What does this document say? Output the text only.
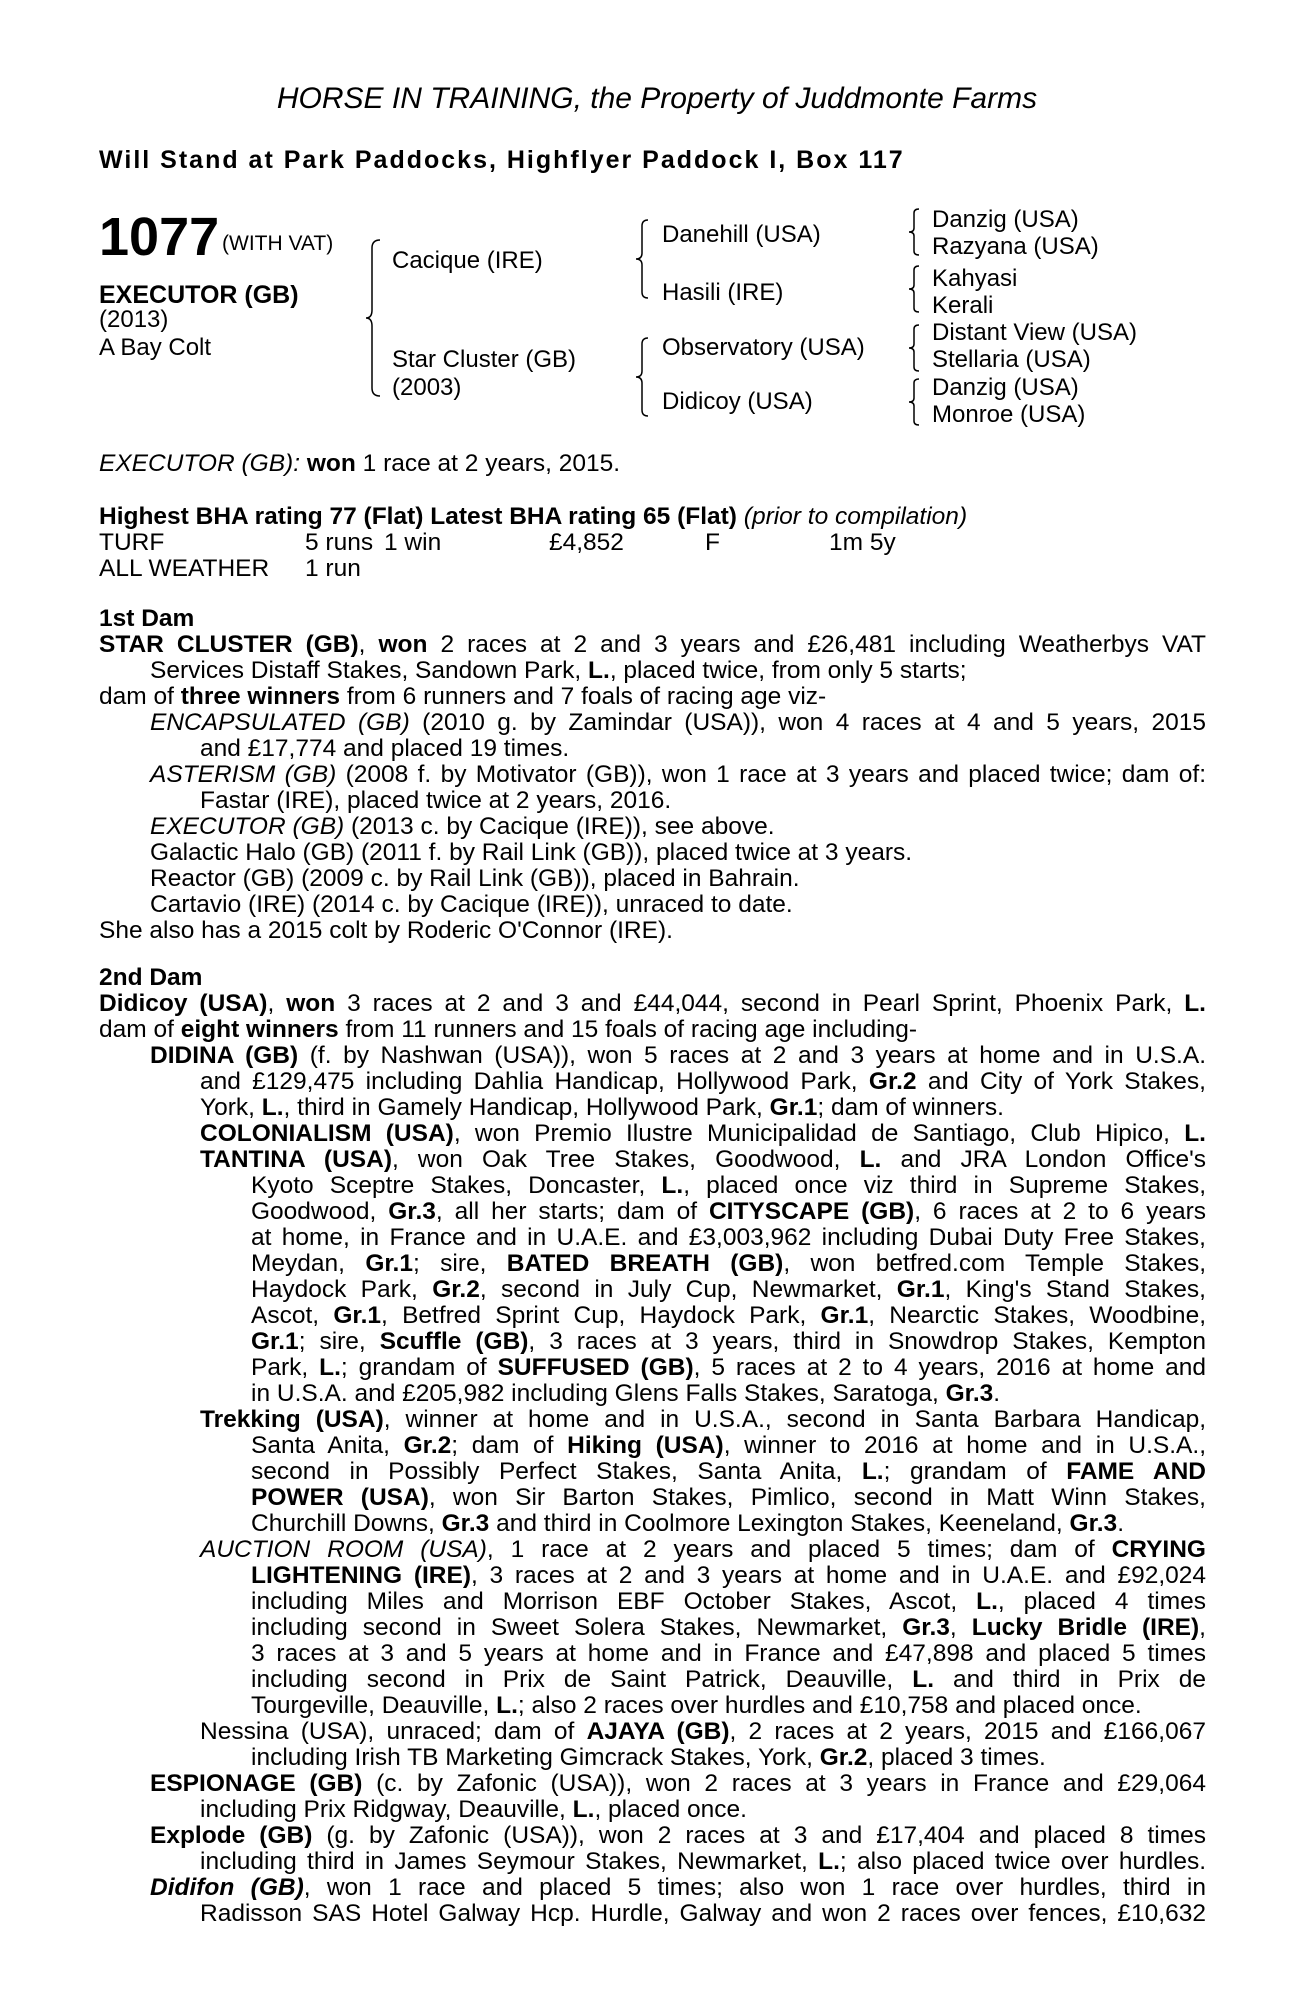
HORSE IN TRAINING, the Property of Juddmonte Farms
Will Stand at Park Paddocks, Highflyer Paddock I, Box 117
1077 (WITH VAT)
EXECUTOR (GB)
(2013)
A Bay Colt
Cacique (IRE)
Star Cluster (GB)
(2003)
Danehill (USA)
Hasili (IRE)
Observatory (USA)
Didicoy (USA)
Danzig (USA)
Razyana (USA)
Kahyasi
Kerali
Distant View (USA)
Stellaria (USA)
Danzig (USA)
Monroe (USA)
EXECUTOR (GB): won 1 race at 2 years, 2015.
Highest BHA rating 77 (Flat) Latest BHA rating 65 (Flat) (prior to compilation)
TURF	5 runs 1 win	£4,852	F	1m 5y
ALL WEATHER 1 run
1st Dam
STAR CLUSTER (GB), won 2 races at 2 and 3 years and £26,481 including Weatherbys VAT
Services Distaff Stakes, Sandown Park, L., placed twice, from only 5 starts;
dam of three winners from 6 runners and 7 foals of racing age viz-
ENCAPSULATED (GB) (2010 g. by Zamindar (USA)), won 4 races at 4 and 5 years, 2015
and £17,774 and placed 19 times.
ASTERISM (GB) (2008 f. by Motivator (GB)), won 1 race at 3 years and placed twice; dam of:
Fastar (IRE), placed twice at 2 years, 2016.
EXECUTOR (GB) (2013 c. by Cacique (IRE)), see above.
Galactic Halo (GB) (2011 f. by Rail Link (GB)), placed twice at 3 years.
Reactor (GB) (2009 c. by Rail Link (GB)), placed in Bahrain.
Cartavio (IRE) (2014 c. by Cacique (IRE)), unraced to date.
She also has a 2015 colt by Roderic O'Connor (IRE).
2nd Dam
Didicoy (USA), won 3 races at 2 and 3 and £44,044, second in Pearl Sprint, Phoenix Park, L.
dam of eight winners from 11 runners and 15 foals of racing age including-
DIDINA (GB) (f. by Nashwan (USA)), won 5 races at 2 and 3 years at home and in U.S.A.
and £129,475 including Dahlia Handicap, Hollywood Park, Gr.2 and City of York Stakes,
York, L., third in Gamely Handicap, Hollywood Park, Gr.1; dam of winners.
COLONIALISM (USA), won Premio Ilustre Municipalidad de Santiago, Club Hipico, L.
TANTINA (USA), won Oak Tree Stakes, Goodwood, L. and JRA London Office's
Kyoto Sceptre Stakes, Doncaster, L., placed once viz third in Supreme Stakes,
Goodwood, Gr.3, all her starts; dam of CITYSCAPE (GB), 6 races at 2 to 6 years
at home, in France and in U.A.E. and £3,003,962 including Dubai Duty Free Stakes,
Meydan, Gr.1; sire, BATED BREATH (GB), won betfred.com Temple Stakes,
Haydock Park, Gr.2, second in July Cup, Newmarket, Gr.1, King's Stand Stakes,
Ascot, Gr.1, Betfred Sprint Cup, Haydock Park, Gr.1, Nearctic Stakes, Woodbine,
Gr.1; sire, Scuffle (GB), 3 races at 3 years, third in Snowdrop Stakes, Kempton
Park, L.; grandam of SUFFUSED (GB), 5 races at 2 to 4 years, 2016 at home and
in U.S.A. and £205,982 including Glens Falls Stakes, Saratoga, Gr.3.
Trekking (USA), winner at home and in U.S.A., second in Santa Barbara Handicap,
Santa Anita, Gr.2; dam of Hiking (USA), winner to 2016 at home and in U.S.A.,
second in Possibly Perfect Stakes, Santa Anita, L.; grandam of FAME AND
POWER (USA), won Sir Barton Stakes, Pimlico, second in Matt Winn Stakes,
Churchill Downs, Gr.3 and third in Coolmore Lexington Stakes, Keeneland, Gr.3.
AUCTION ROOM (USA), 1 race at 2 years and placed 5 times; dam of CRYING
LIGHTENING (IRE), 3 races at 2 and 3 years at home and in U.A.E. and £92,024
including Miles and Morrison EBF October Stakes, Ascot, L., placed 4 times
including second in Sweet Solera Stakes, Newmarket, Gr.3, Lucky Bridle (IRE),
3 races at 3 and 5 years at home and in France and £47,898 and placed 5 times
including second in Prix de Saint Patrick, Deauville, L. and third in Prix de
Tourgeville, Deauville, L.; also 2 races over hurdles and £10,758 and placed once.
Nessina (USA), unraced; dam of AJAYA (GB), 2 races at 2 years, 2015 and £166,067
including Irish TB Marketing Gimcrack Stakes, York, Gr.2, placed 3 times.
ESPIONAGE (GB) (c. by Zafonic (USA)), won 2 races at 3 years in France and £29,064
including Prix Ridgway, Deauville, L., placed once.
Explode (GB) (g. by Zafonic (USA)), won 2 races at 3 and £17,404 and placed 8 times
including third in James Seymour Stakes, Newmarket, L.; also placed twice over hurdles.
Didifon (GB), won 1 race and placed 5 times; also won 1 race over hurdles, third in
Radisson SAS Hotel Galway Hcp. Hurdle, Galway and won 2 races over fences, £10,632
